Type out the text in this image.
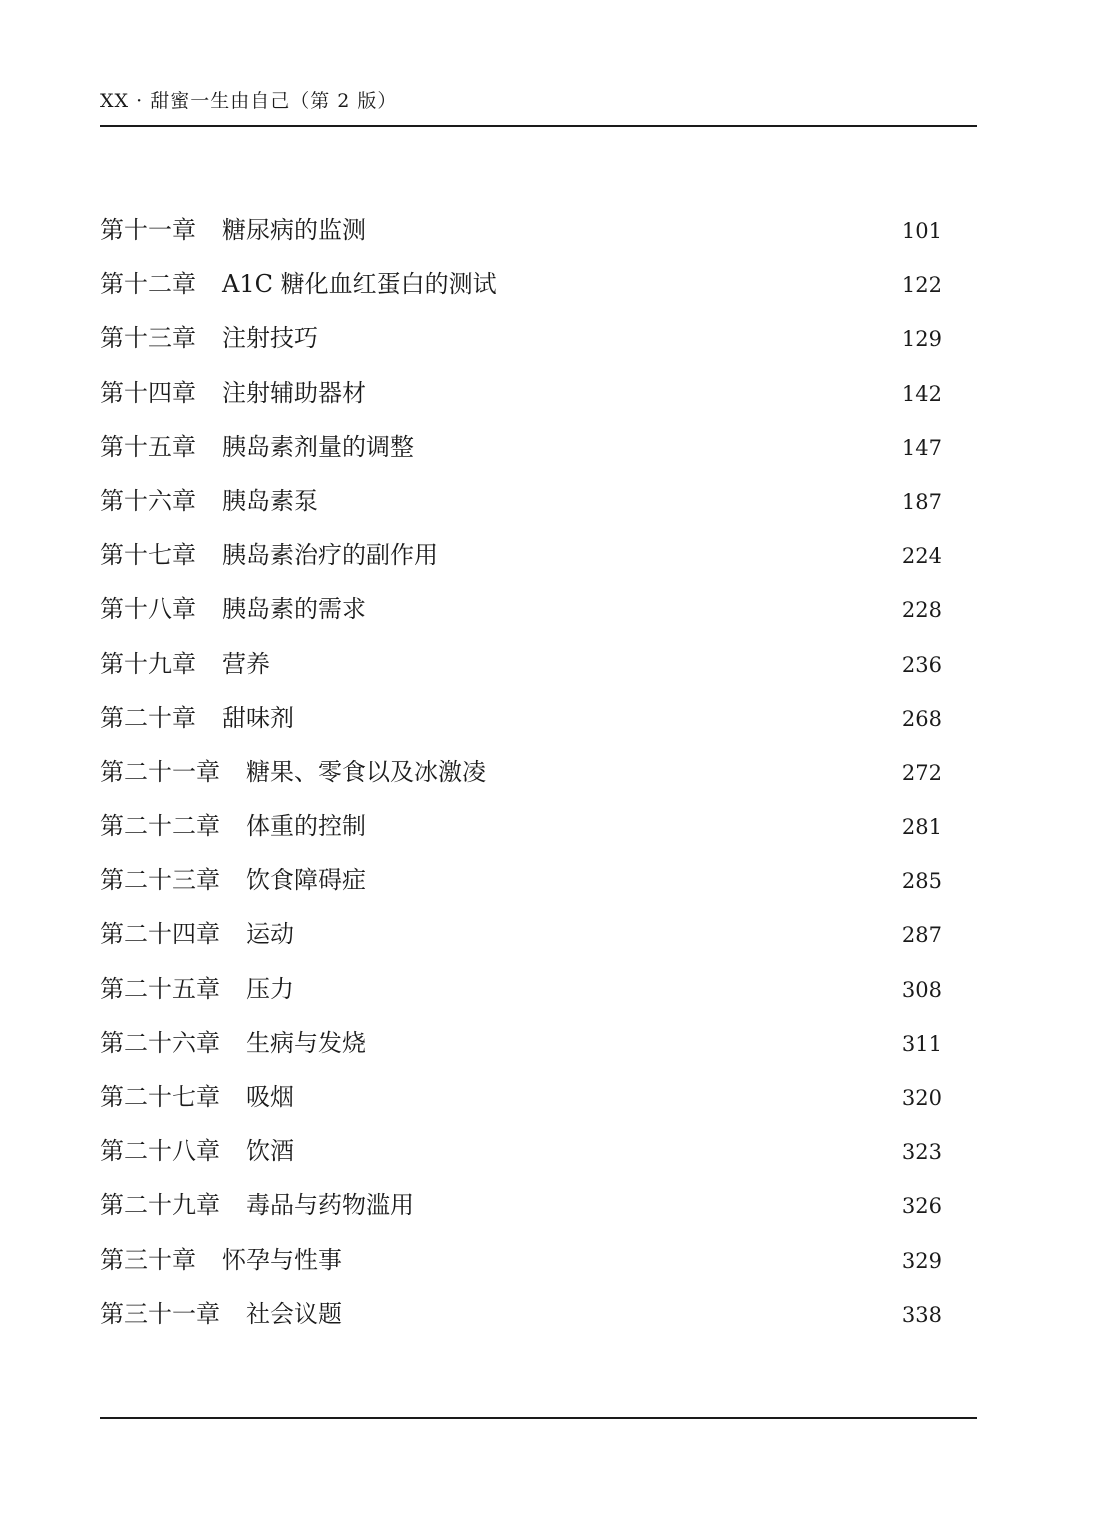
XX · 甜蜜一生由自己（第 2 版）
第十一章 糖尿病的监测	101
第十二章 A1C 糖化血红蛋白的测试	122
第十三章 注射技巧	129
第十四章 注射辅助器材	142
第十五章 胰岛素剂量的调整	147
第十六章 胰岛素泵	187
第十七章 胰岛素治疗的副作用	224
第十八章 胰岛素的需求	228
第十九章 营养	236
第二十章 甜味剂	268
第二十一章 糖果、零食以及冰激凌	272
第二十二章 体重的控制	281
第二十三章 饮食障碍症	285
第二十四章 运动	287
第二十五章 压力	308
第二十六章 生病与发烧	311
第二十七章 吸烟	320
第二十八章 饮酒	323
第二十九章 毒品与药物滥用	326
第三十章 怀孕与性事	329
第三十一章 社会议题	338
